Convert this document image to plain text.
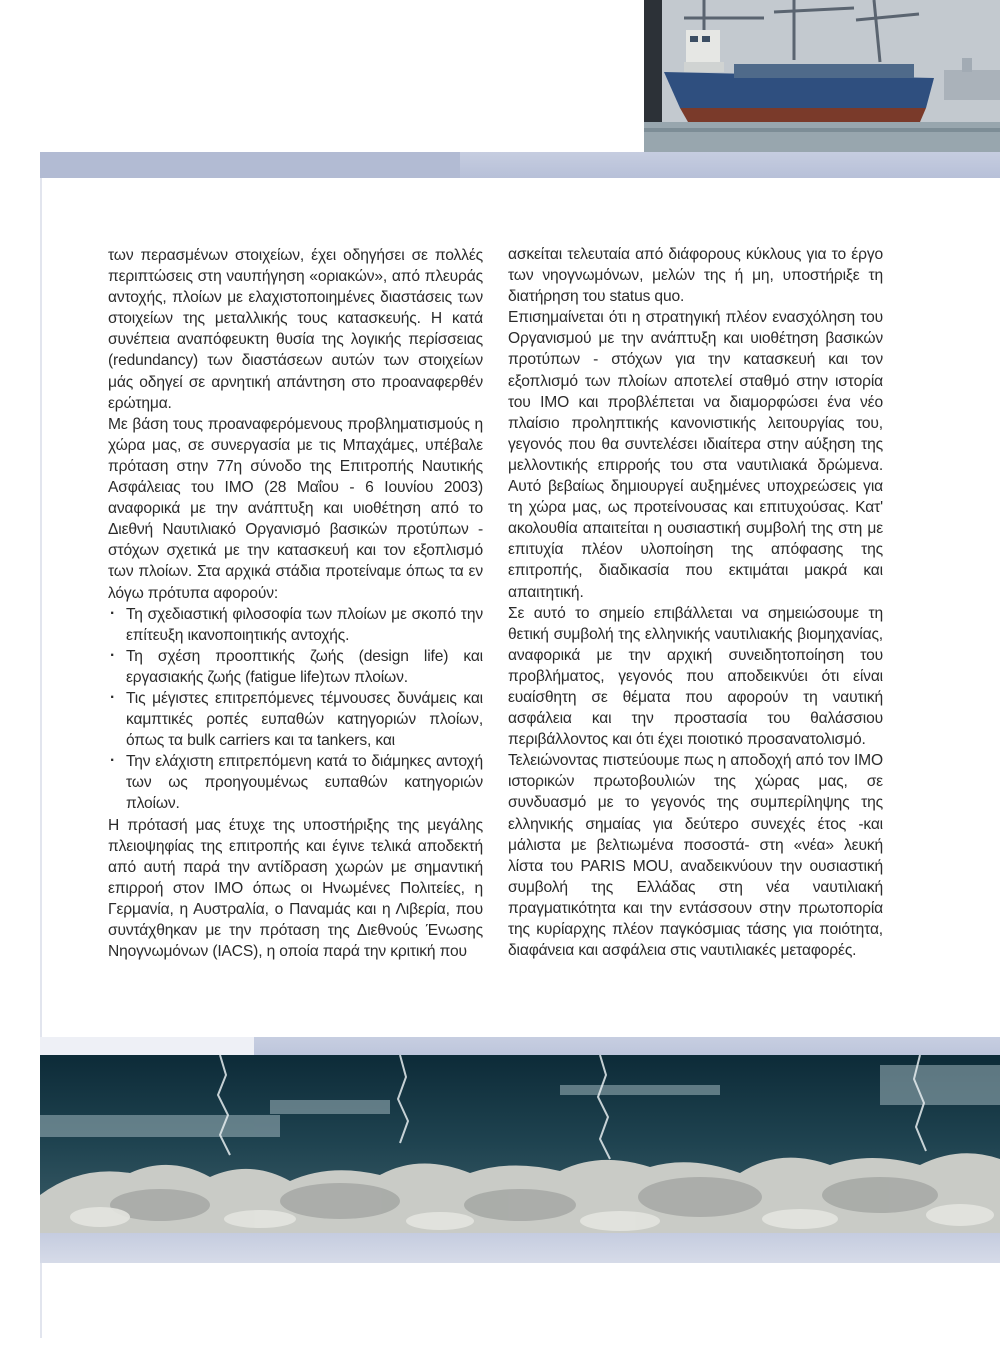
των περασμένων στοιχείων, έχει οδηγήσει σε πολλές περιπτώσεις στη ναυπήγηση «οριακών», από πλευράς αντοχής, πλοίων με ελαχιστοποιημένες διαστάσεις των στοιχείων της μεταλλικής τους κατασκευής. Η κατά συνέπεια αναπόφευκτη θυσία της λογικής περίσσειας (redundancy) των διαστάσεων αυτών των στοιχείων μάς οδηγεί σε αρνητική απάντηση στο προαναφερθέν ερώτημα.

Με βάση τους προαναφερόμενους προβληματισμούς η χώρα μας, σε συνεργασία με τις Μπαχάμες, υπέβαλε πρόταση στην 77η σύνοδο της Επιτροπής Ναυτικής Ασφάλειας του ΙΜΟ (28 Μαΐου - 6 Ιουνίου 2003) αναφορικά με την ανάπτυξη και υιοθέτηση από το Διεθνή Ναυτιλιακό Οργανισμό βασικών προτύπων - στόχων σχετικά με την κατασκευή και τον εξοπλισμό των πλοίων. Στα αρχικά στάδια προτείναμε όπως τα εν λόγω πρότυπα αφορούν:

· Τη σχεδιαστική φιλοσοφία των πλοίων με σκοπό την επίτευξη ικανοποιητικής αντοχής.
· Τη σχέση προοπτικής ζωής (design life) και εργασιακής ζωής (fatigue life)των πλοίων.
· Τις μέγιστες επιτρεπόμενες τέμνουσες δυνάμεις και καμπτικές ροπές ευπαθών κατηγοριών πλοίων, όπως τα bulk carriers και τα tankers, και
· Την ελάχιστη επιτρεπόμενη κατά το διάμηκες αντοχή των ως προηγουμένως ευπαθών κατηγοριών πλοίων.

Η πρότασή μας έτυχε της υποστήριξης της μεγάλης πλειοψηφίας της επιτροπής και έγινε τελικά αποδεκτή από αυτή παρά την αντίδραση χωρών με σημαντική επιρροή στον ΙΜΟ όπως οι Ηνωμένες Πολιτείες, η Γερμανία, η Αυστραλία, ο Παναμάς και η Λιβερία, που συντάχθηκαν με την πρόταση της Διεθνούς Ένωσης Νηογνωμόνων (IACS), η οποία παρά την κριτική που

ασκείται τελευταία από διάφορους κύκλους για το έργο των νηογνωμόνων, μελών της ή μη, υποστήριξε τη διατήρηση του status quo.

Επισημαίνεται ότι η στρατηγική πλέον ενασχόληση του Οργανισμού με την ανάπτυξη και υιοθέτηση βασικών προτύπων - στόχων για την κατασκευή και τον εξοπλισμό των πλοίων αποτελεί σταθμό στην ιστορία του ΙΜΟ και προβλέπεται να διαμορφώσει ένα νέο πλαίσιο προληπτικής κανονιστικής λειτουργίας του, γεγονός που θα συντελέσει ιδιαίτερα στην αύξηση της μελλοντικής επιρροής του στα ναυτιλιακά δρώμενα. Αυτό βεβαίως δημιουργεί αυξημένες υποχρεώσεις για τη χώρα μας, ως προτείνουσας και επιτυχούσας. Κατ' ακολουθία απαιτείται η ουσιαστική συμβολή της στη με επιτυχία πλέον υλοποίηση της απόφασης της επιτροπής, διαδικασία που εκτιμάται μακρά και απαιτητική.

Σε αυτό το σημείο επιβάλλεται να σημειώσουμε τη θετική συμβολή της ελληνικής ναυτιλιακής βιομηχανίας, αναφορικά με την αρχική συνειδητοποίηση του προβλήματος, γεγονός που αποδεικνύει ότι είναι ευαίσθητη σε θέματα που αφορούν τη ναυτική ασφάλεια και την προστασία του θαλάσσιου περιβάλλοντος και ότι έχει ποιοτικό προσανατολισμό.

Τελειώνοντας πιστεύουμε πως η αποδοχή από τον ΙΜΟ ιστορικών πρωτοβουλιών της χώρας μας, σε συνδυασμό με το γεγονός της συμπερίληψης της ελληνικής σημαίας για δεύτερο συνεχές έτος -και μάλιστα με βελτιωμένα ποσοστά- στη «νέα» λευκή λίστα του PARIS MOU, αναδεικνύουν την ουσιαστική συμβολή της Ελλάδας στη νέα ναυτιλιακή πραγματικότητα και την εντάσσουν στην πρωτοπορία της κυρίαρχης πλέον παγκόσμιας τάσης για ποιότητα, διαφάνεια και ασφάλεια στις ναυτιλιακές μεταφορές.
